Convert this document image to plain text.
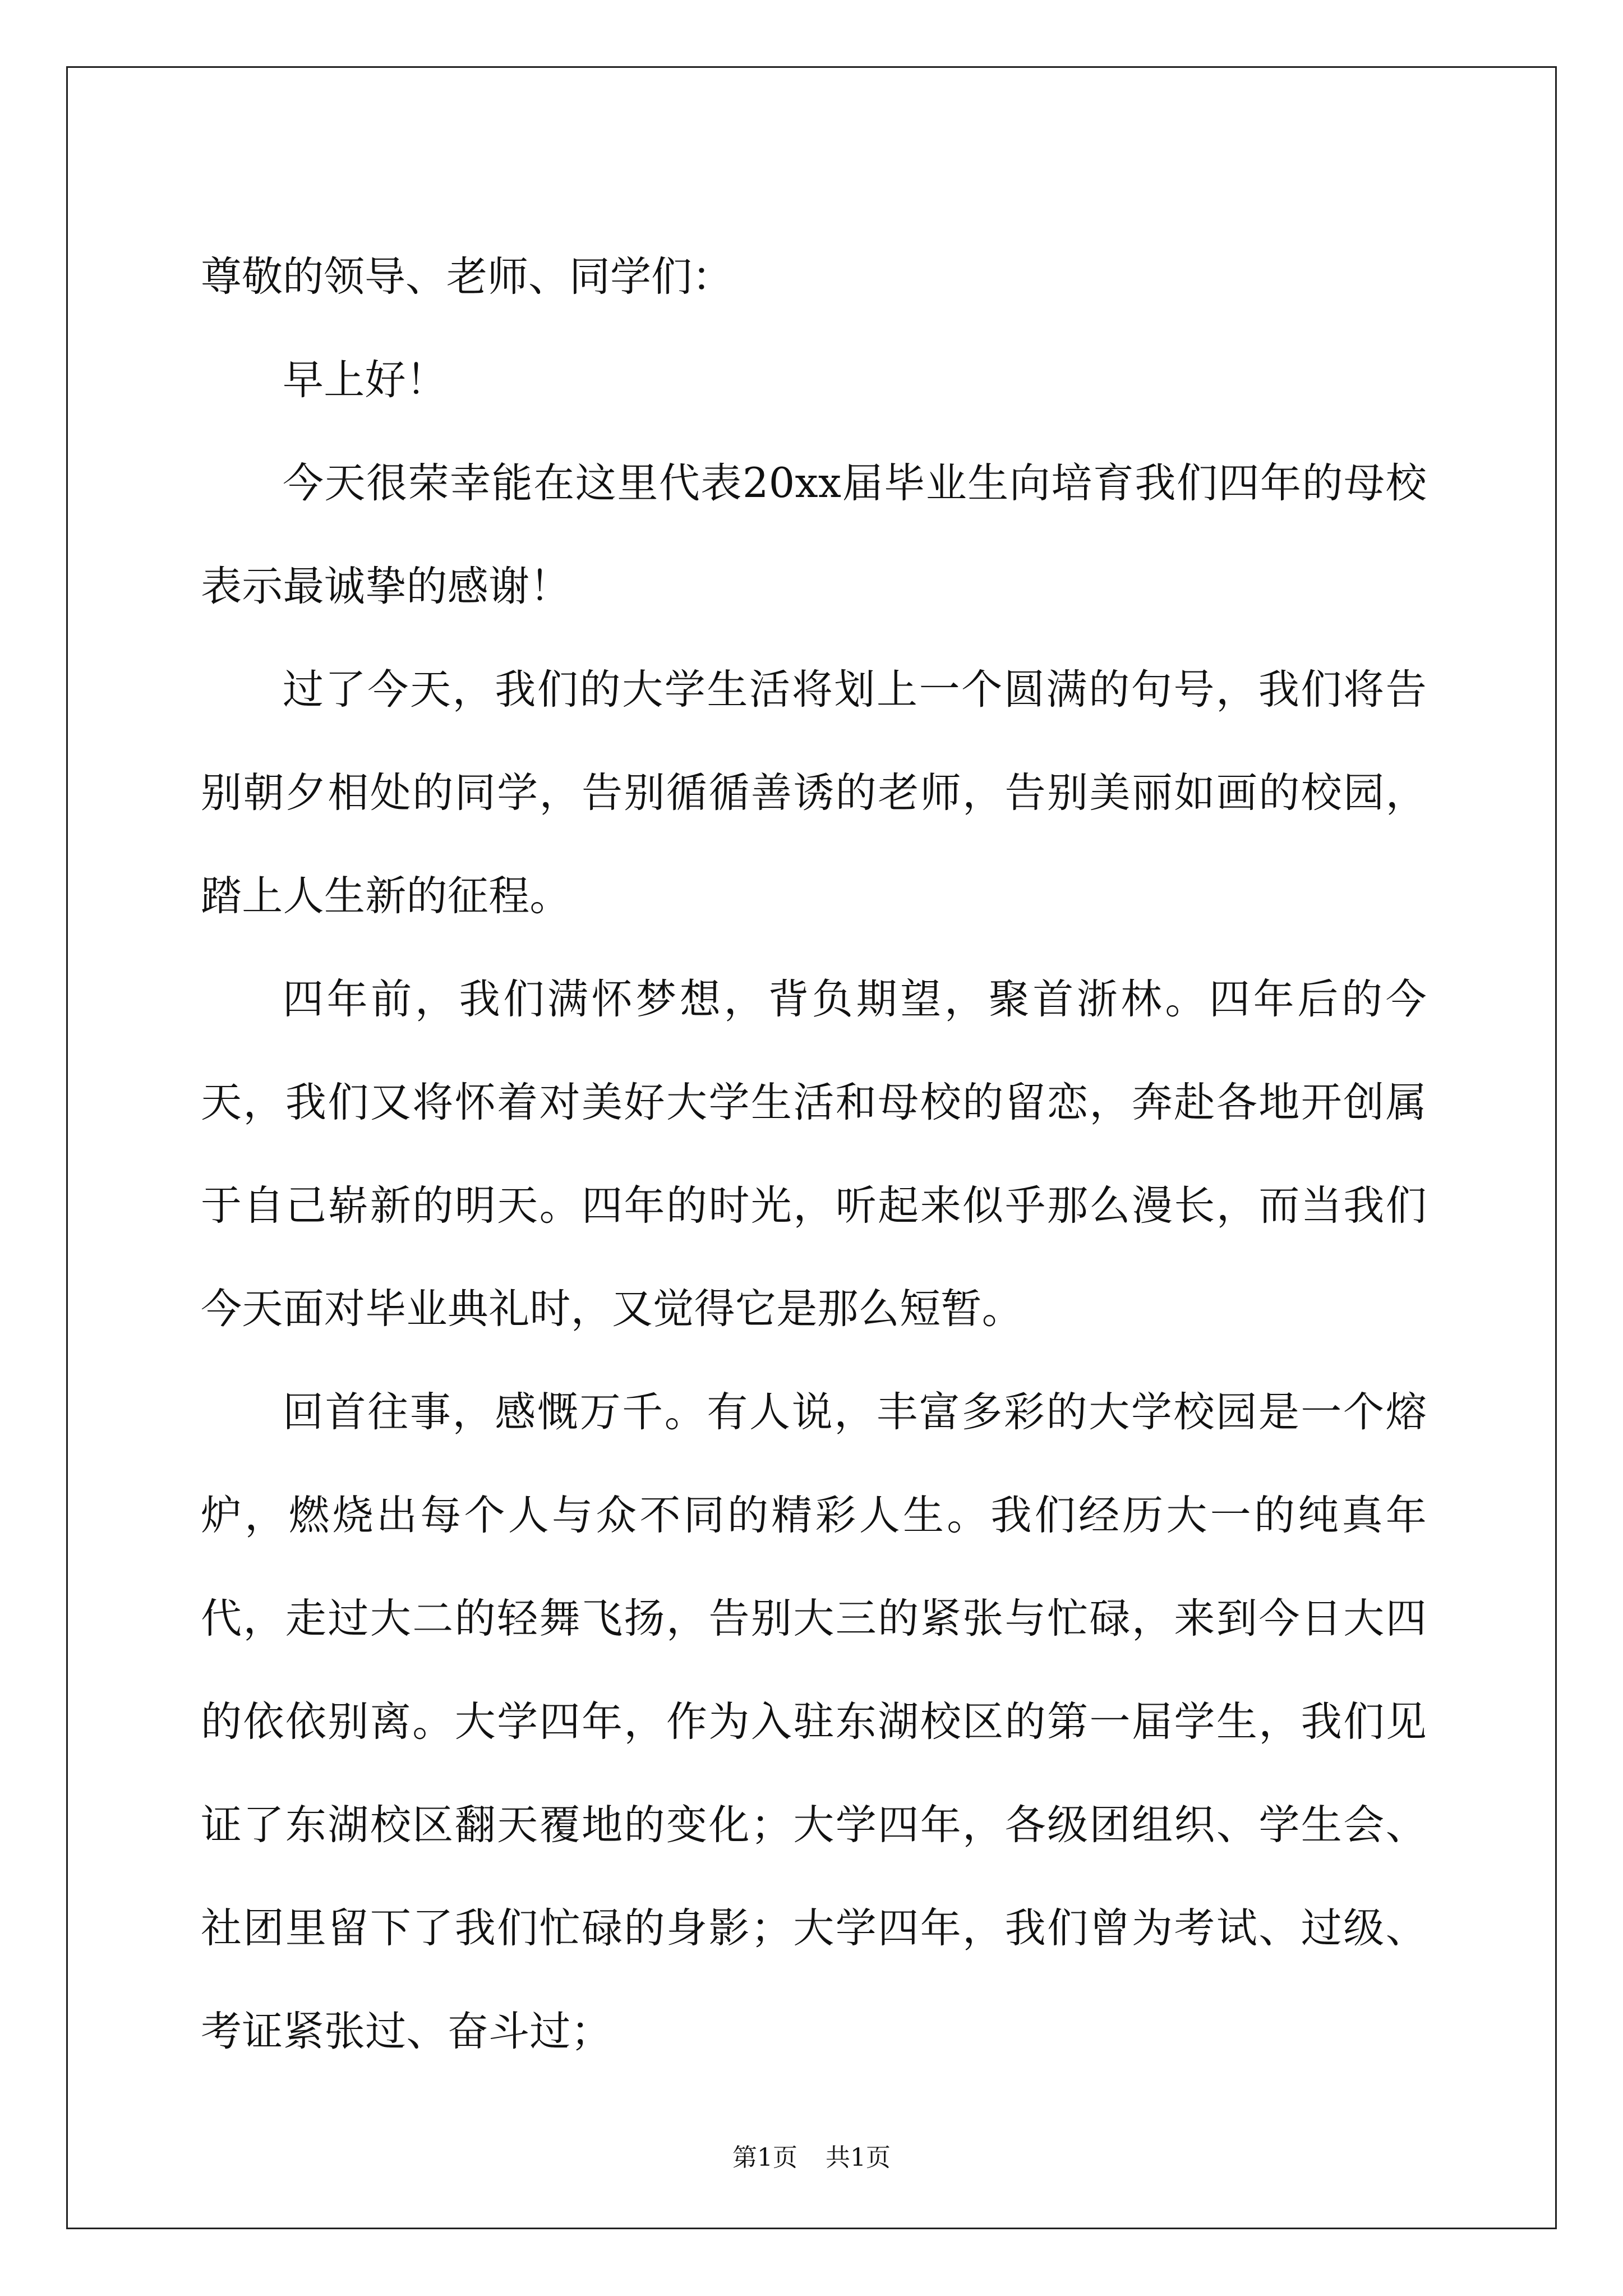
尊敬的领导、老师、同学们：

早上好！

今天很荣幸能在这里代表20xx届毕业生向培育我们四年的母校表示最诚挚的感谢！

过了今天，我们的大学生活将划上一个圆满的句号，我们将告别朝夕相处的同学，告别循循善诱的老师，告别美丽如画的校园，踏上人生新的征程。

四年前，我们满怀梦想，背负期望，聚首浙林。四年后的今天，我们又将怀着对美好大学生活和母校的留恋，奔赴各地开创属于自己崭新的明天。四年的时光，听起来似乎那么漫长，而当我们今天面对毕业典礼时，又觉得它是那么短暂。

回首往事，感慨万千。有人说，丰富多彩的大学校园是一个熔炉，燃烧出每个人与众不同的精彩人生。我们经历大一的纯真年代，走过大二的轻舞飞扬，告别大三的紧张与忙碌，来到今日大四的依依别离。大学四年，作为入驻东湖校区的第一届学生，我们见证了东湖校区翻天覆地的变化；大学四年，各级团组织、学生会、社团里留下了我们忙碌的身影；大学四年，我们曾为考试、过级、考证紧张过、奋斗过；

第1页 共1页
